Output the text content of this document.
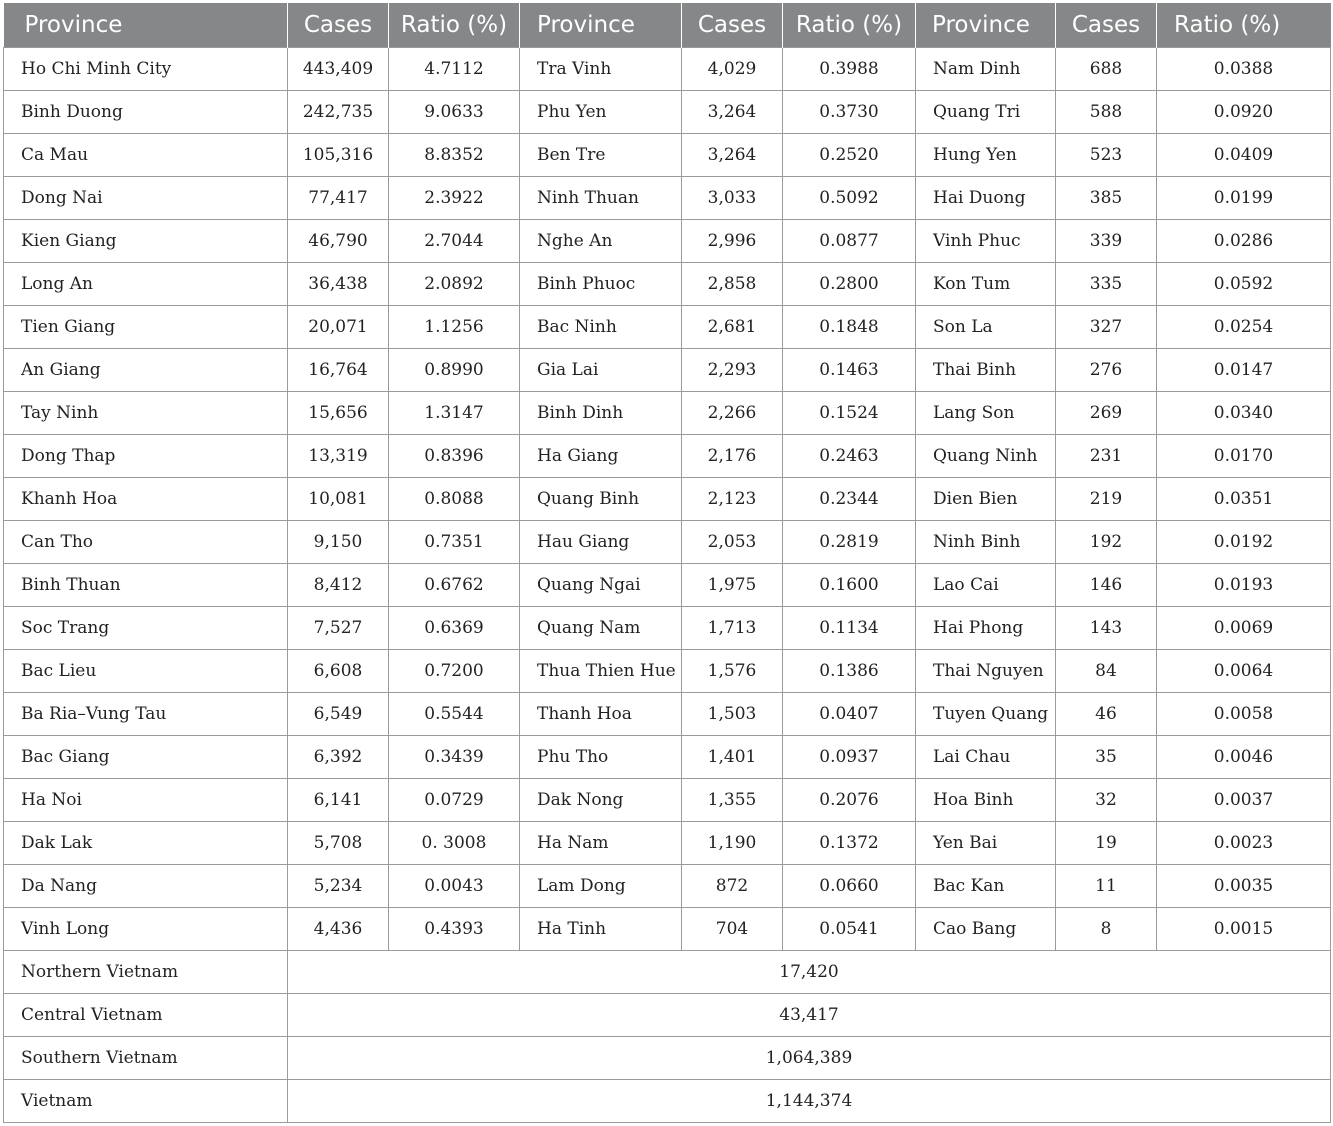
Province	Cases	Ratio (%)	Province	Cases	Ratio (%)	Province	Cases	Ratio (%)
Ho Chi Minh City	443,409	4.7112	Tra Vinh	4,029	0.3988	Nam Dinh	688	0.0388
Binh Duong	242,735	9.0633	Phu Yen	3,264	0.3730	Quang Tri	588	0.0920
Ca Mau	105,316	8.8352	Ben Tre	3,264	0.2520	Hung Yen	523	0.0409
Dong Nai	77,417	2.3922	Ninh Thuan	3,033	0.5092	Hai Duong	385	0.0199
Kien Giang	46,790	2.7044	Nghe An	2,996	0.0877	Vinh Phuc	339	0.0286
Long An	36,438	2.0892	Binh Phuoc	2,858	0.2800	Kon Tum	335	0.0592
Tien Giang	20,071	1.1256	Bac Ninh	2,681	0.1848	Son La	327	0.0254
An Giang	16,764	0.8990	Gia Lai	2,293	0.1463	Thai Binh	276	0.0147
Tay Ninh	15,656	1.3147	Binh Dinh	2,266	0.1524	Lang Son	269	0.0340
Dong Thap	13,319	0.8396	Ha Giang	2,176	0.2463	Quang Ninh	231	0.0170
Khanh Hoa	10,081	0.8088	Quang Binh	2,123	0.2344	Dien Bien	219	0.0351
Can Tho	9,150	0.7351	Hau Giang	2,053	0.2819	Ninh Binh	192	0.0192
Binh Thuan	8,412	0.6762	Quang Ngai	1,975	0.1600	Lao Cai	146	0.0193
Soc Trang	7,527	0.6369	Quang Nam	1,713	0.1134	Hai Phong	143	0.0069
Bac Lieu	6,608	0.7200	Thua Thien Hue	1,576	0.1386	Thai Nguyen	84	0.0064
Ba Ria–Vung Tau	6,549	0.5544	Thanh Hoa	1,503	0.0407	Tuyen Quang	46	0.0058
Bac Giang	6,392	0.3439	Phu Tho	1,401	0.0937	Lai Chau	35	0.0046
Ha Noi	6,141	0.0729	Dak Nong	1,355	0.2076	Hoa Binh	32	0.0037
Dak Lak	5,708	0. 3008	Ha Nam	1,190	0.1372	Yen Bai	19	0.0023
Da Nang	5,234	0.0043	Lam Dong	872	0.0660	Bac Kan	11	0.0035
Vinh Long	4,436	0.4393	Ha Tinh	704	0.0541	Cao Bang	8	0.0015
Northern Vietnam	17,420							
Central Vietnam	43,417							
Southern Vietnam	1,064,389							
Vietnam	1,144,374							
